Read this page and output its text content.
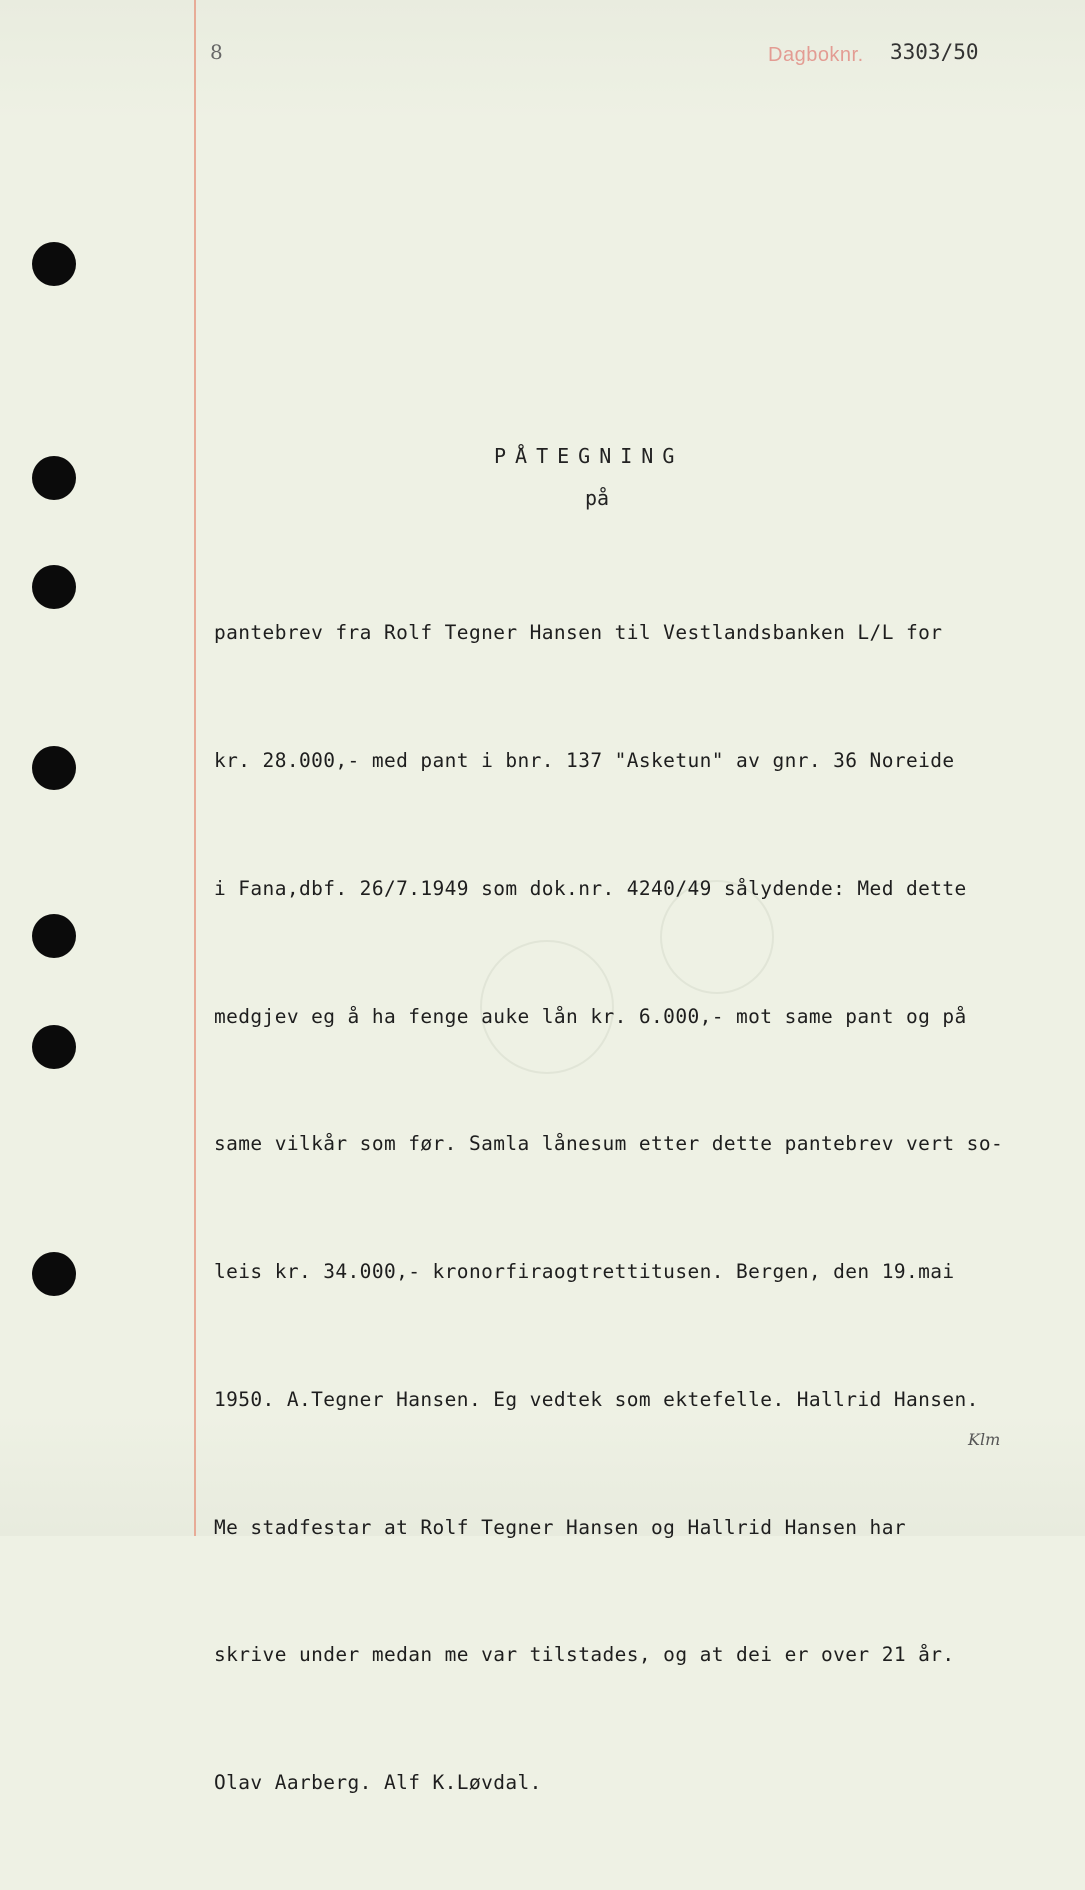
8	Dagboknr. 3303/50
PÅTEGNING
på

pantebrev fra Rolf Tegner Hansen til Vestlandsbanken L/L for

kr. 28.000,- med pant i bnr. 137 "Asketun" av gnr. 36 Noreide

i Fana,dbf. 26/7.1949 som dok.nr. 4240/49 sålydende: Med dette

medgjev eg å ha fenge auke lån kr. 6.000,- mot same pant og på

same vilkår som før. Samla lånesum etter dette pantebrev vert so-

leis kr. 34.000,- kronorfiraogtrettitusen. Bergen, den 19.mai

1950. A.Tegner Hansen. Eg vedtek som ektefelle. Hallrid Hansen.

Me stadfestar at Rolf Tegner Hansen og Hallrid Hansen har

skrive under medan me var tilstades, og at dei er over 21 år.

Olav Aarberg. Alf K.Løvdal.

Klm
